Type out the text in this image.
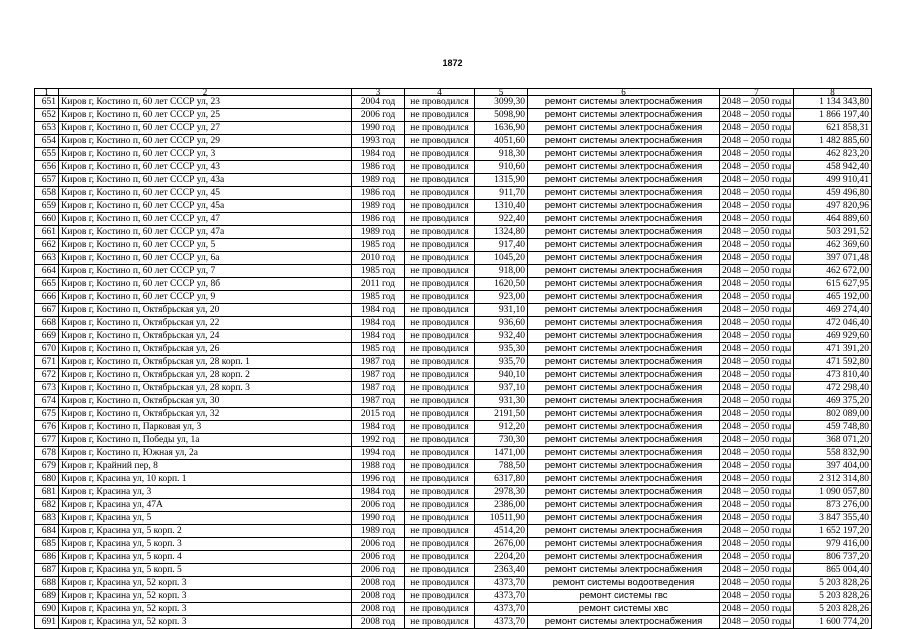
1872
1	2	3	4	5	6	7	8
651	Киров г, Костино п, 60 лет СССР ул, 23	2004 год	не проводился	3099,30	ремонт системы электроснабжения	2048 – 2050 годы	1 134 343,80
652	Киров г, Костино п, 60 лет СССР ул, 25	2006 год	не проводился	5098,90	ремонт системы электроснабжения	2048 – 2050 годы	1 866 197,40
653	Киров г, Костино п, 60 лет СССР ул, 27	1990 год	не проводился	1636,90	ремонт системы электроснабжения	2048 – 2050 годы	621 858,31
654	Киров г, Костино п, 60 лет СССР ул, 29	1993 год	не проводился	4051,60	ремонт системы электроснабжения	2048 – 2050 годы	1 482 885,60
655	Киров г, Костино п, 60 лет СССР ул, 3	1984 год	не проводился	918,30	ремонт системы электроснабжения	2048 – 2050 годы	462 823,20
656	Киров г, Костино п, 60 лет СССР ул, 43	1986 год	не проводился	910,60	ремонт системы электроснабжения	2048 – 2050 годы	458 942,40
657	Киров г, Костино п, 60 лет СССР ул, 43а	1989 год	не проводился	1315,90	ремонт системы электроснабжения	2048 – 2050 годы	499 910,41
658	Киров г, Костино п, 60 лет СССР ул, 45	1986 год	не проводился	911,70	ремонт системы электроснабжения	2048 – 2050 годы	459 496,80
659	Киров г, Костино п, 60 лет СССР ул, 45а	1989 год	не проводился	1310,40	ремонт системы электроснабжения	2048 – 2050 годы	497 820,96
660	Киров г, Костино п, 60 лет СССР ул, 47	1986 год	не проводился	922,40	ремонт системы электроснабжения	2048 – 2050 годы	464 889,60
661	Киров г, Костино п, 60 лет СССР ул, 47а	1989 год	не проводился	1324,80	ремонт системы электроснабжения	2048 – 2050 годы	503 291,52
662	Киров г, Костино п, 60 лет СССР ул, 5	1985 год	не проводился	917,40	ремонт системы электроснабжения	2048 – 2050 годы	462 369,60
663	Киров г, Костино п, 60 лет СССР ул, 6а	2010 год	не проводился	1045,20	ремонт системы электроснабжения	2048 – 2050 годы	397 071,48
664	Киров г, Костино п, 60 лет СССР ул, 7	1985 год	не проводился	918,00	ремонт системы электроснабжения	2048 – 2050 годы	462 672,00
665	Киров г, Костино п, 60 лет СССР ул, 8б	2011 год	не проводился	1620,50	ремонт системы электроснабжения	2048 – 2050 годы	615 627,95
666	Киров г, Костино п, 60 лет СССР ул, 9	1985 год	не проводился	923,00	ремонт системы электроснабжения	2048 – 2050 годы	465 192,00
667	Киров г, Костино п, Октябрьская ул, 20	1984 год	не проводился	931,10	ремонт системы электроснабжения	2048 – 2050 годы	469 274,40
668	Киров г, Костино п, Октябрьская ул, 22	1984 год	не проводился	936,60	ремонт системы электроснабжения	2048 – 2050 годы	472 046,40
669	Киров г, Костино п, Октябрьская ул, 24	1984 год	не проводился	932,40	ремонт системы электроснабжения	2048 – 2050 годы	469 929,60
670	Киров г, Костино п, Октябрьская ул, 26	1985 год	не проводился	935,30	ремонт системы электроснабжения	2048 – 2050 годы	471 391,20
671	Киров г, Костино п, Октябрьская ул, 28 корп. 1	1987 год	не проводился	935,70	ремонт системы электроснабжения	2048 – 2050 годы	471 592,80
672	Киров г, Костино п, Октябрьская ул, 28 корп. 2	1987 год	не проводился	940,10	ремонт системы электроснабжения	2048 – 2050 годы	473 810,40
673	Киров г, Костино п, Октябрьская ул, 28 корп. 3	1987 год	не проводился	937,10	ремонт системы электроснабжения	2048 – 2050 годы	472 298,40
674	Киров г, Костино п, Октябрьская ул, 30	1987 год	не проводился	931,30	ремонт системы электроснабжения	2048 – 2050 годы	469 375,20
675	Киров г, Костино п, Октябрьская ул, 32	2015 год	не проводился	2191,50	ремонт системы электроснабжения	2048 – 2050 годы	802 089,00
676	Киров г, Костино п, Парковая ул, 3	1984 год	не проводился	912,20	ремонт системы электроснабжения	2048 – 2050 годы	459 748,80
677	Киров г, Костино п, Победы ул, 1а	1992 год	не проводился	730,30	ремонт системы электроснабжения	2048 – 2050 годы	368 071,20
678	Киров г, Костино п, Южная ул, 2а	1994 год	не проводился	1471,00	ремонт системы электроснабжения	2048 – 2050 годы	558 832,90
679	Киров г, Крайний пер, 8	1988 год	не проводился	788,50	ремонт системы электроснабжения	2048 – 2050 годы	397 404,00
680	Киров г, Красина ул, 10 корп. 1	1996 год	не проводился	6317,80	ремонт системы электроснабжения	2048 – 2050 годы	2 312 314,80
681	Киров г, Красина ул, 3	1984 год	не проводился	2978,30	ремонт системы электроснабжения	2048 – 2050 годы	1 090 057,80
682	Киров г, Красина ул, 47А	2006 год	не проводился	2386,00	ремонт системы электроснабжения	2048 – 2050 годы	873 276,00
683	Киров г, Красина ул, 5	1990 год	не проводился	10511,90	ремонт системы электроснабжения	2048 – 2050 годы	3 847 355,40
684	Киров г, Красина ул, 5 корп. 2	1989 год	не проводился	4514,20	ремонт системы электроснабжения	2048 – 2050 годы	1 652 197,20
685	Киров г, Красина ул, 5 корп. 3	2006 год	не проводился	2676,00	ремонт системы электроснабжения	2048 – 2050 годы	979 416,00
686	Киров г, Красина ул, 5 корп. 4	2006 год	не проводился	2204,20	ремонт системы электроснабжения	2048 – 2050 годы	806 737,20
687	Киров г, Красина ул, 5 корп. 5	2006 год	не проводился	2363,40	ремонт системы электроснабжения	2048 – 2050 годы	865 004,40
688	Киров г, Красина ул, 52 корп. 3	2008 год	не проводился	4373,70	ремонт системы водоотведения	2048 – 2050 годы	5 203 828,26
689	Киров г, Красина ул, 52 корп. 3	2008 год	не проводился	4373,70	ремонт системы гвс	2048 – 2050 годы	5 203 828,26
690	Киров г, Красина ул, 52 корп. 3	2008 год	не проводился	4373,70	ремонт системы хвс	2048 – 2050 годы	5 203 828,26
691	Киров г, Красина ул, 52 корп. 3	2008 год	не проводился	4373,70	ремонт системы электроснабжения	2048 – 2050 годы	1 600 774,20
